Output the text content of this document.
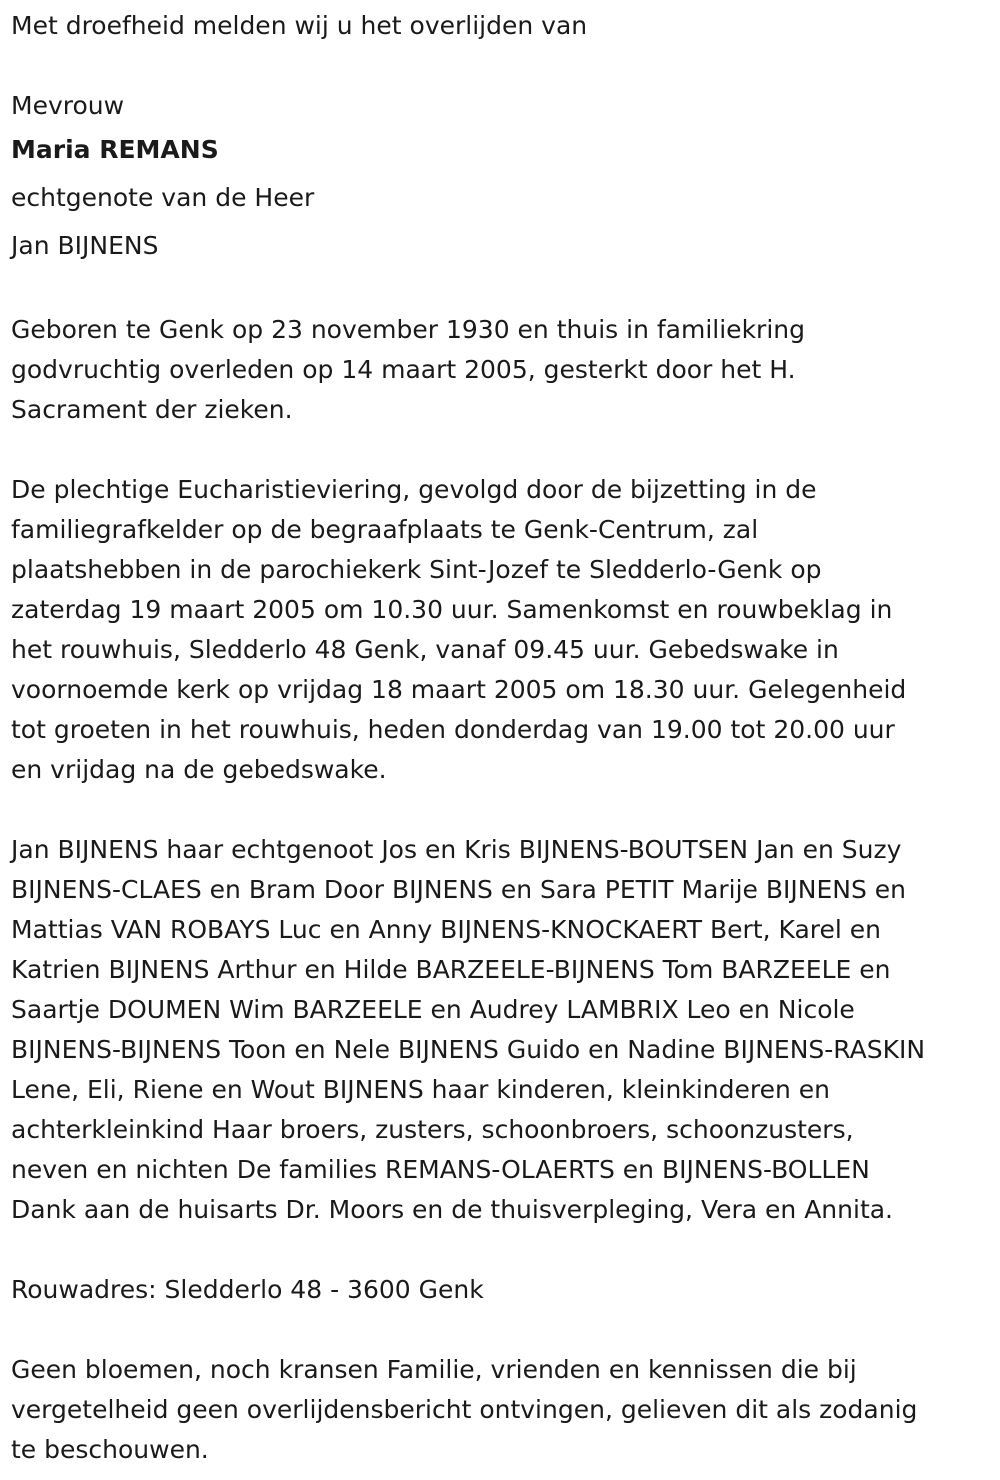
Met droefheid melden wij u het overlijden van
Mevrouw
Maria REMANS
echtgenote van de Heer
Jan BIJNENS
Geboren te Genk op 23 november 1930 en thuis in familiekring
godvruchtig overleden op 14 maart 2005, gesterkt door het H.
Sacrament der zieken.
De plechtige Eucharistieviering, gevolgd door de bijzetting in de
familiegrafkelder op de begraafplaats te Genk-Centrum, zal
plaatshebben in de parochiekerk Sint-Jozef te Sledderlo-Genk op
zaterdag 19 maart 2005 om 10.30 uur. Samenkomst en rouwbeklag in
het rouwhuis, Sledderlo 48 Genk, vanaf 09.45 uur. Gebedswake in
voornoemde kerk op vrijdag 18 maart 2005 om 18.30 uur. Gelegenheid
tot groeten in het rouwhuis, heden donderdag van 19.00 tot 20.00 uur
en vrijdag na de gebedswake.
Jan BIJNENS haar echtgenoot Jos en Kris BIJNENS-BOUTSEN Jan en Suzy
BIJNENS-CLAES en Bram Door BIJNENS en Sara PETIT Marije BIJNENS en
Mattias VAN ROBAYS Luc en Anny BIJNENS-KNOCKAERT Bert, Karel en
Katrien BIJNENS Arthur en Hilde BARZEELE-BIJNENS Tom BARZEELE en
Saartje DOUMEN Wim BARZEELE en Audrey LAMBRIX Leo en Nicole
BIJNENS-BIJNENS Toon en Nele BIJNENS Guido en Nadine BIJNENS-RASKIN
Lene, Eli, Riene en Wout BIJNENS haar kinderen, kleinkinderen en
achterkleinkind Haar broers, zusters, schoonbroers, schoonzusters,
neven en nichten De families REMANS-OLAERTS en BIJNENS-BOLLEN
Dank aan de huisarts Dr. Moors en de thuisverpleging, Vera en Annita.
Rouwadres: Sledderlo 48 - 3600 Genk
Geen bloemen, noch kransen Familie, vrienden en kennissen die bij
vergetelheid geen overlijdensbericht ontvingen, gelieven dit als zodanig
te beschouwen.
